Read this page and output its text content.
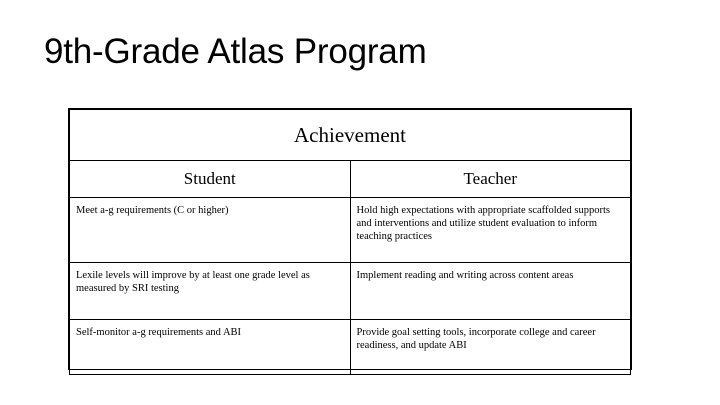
9th-Grade Atlas Program
Achievement	
Student	Teacher
Meet a-g requirements (C or higher)	Hold high expectations with appropriate scaffolded supports and interventions and utilize student evaluation to inform teaching practices
Lexile levels will improve by at least one grade level as measured by SRI testing	Implement reading and writing across content areas
Self-monitor a-g requirements and ABI	Provide goal setting tools, incorporate college and career readiness, and update ABI
